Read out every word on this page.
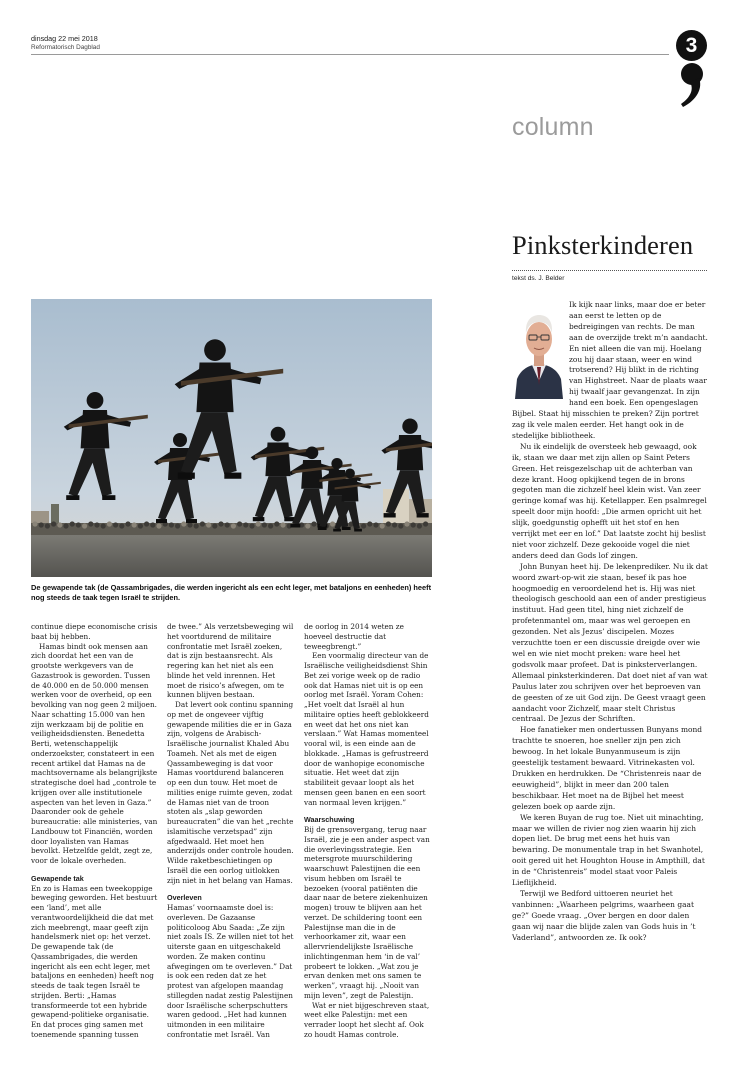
dinsdag 22 mei 2018
Reformatorisch Dagblad	3
column
Pinksterkinderen
tekst ds. J. Belder
De gewapende tak (de Qassambrigades, die werden ingericht als een echt leger, met bataljons en eenheden) heeft nog steeds de taak tegen Israël te strijden.

continue diepe economische crisis baat bij hebben.

Hamas bindt ook mensen aan zich doordat het een van de grootste werkgevers van de Gazastrook is geworden. Tussen de 40.000 en de 50.000 mensen werken voor de overheid, op een bevolking van nog geen 2 miljoen. Naar schatting 15.000 van hen zijn werkzaam bij de politie en veiligheidsdiensten. Benedetta Berti, wetenschappelijk onderzoekster, constateert in een recent artikel dat Hamas na de machtsovername als belangrijkste strategische doel had „controle te krijgen over alle institutionele aspecten van het leven in Gaza.” Daaronder ook de gehele bureaucratie: alle ministeries, van Landbouw tot Financiën, worden door loyalisten van Hamas bevolkt. Hetzelfde geldt, zegt ze, voor de lokale overheden.

Gewapende tak

En zo is Hamas een tweekoppige beweging geworden. Het bestuurt een ‘land’, met alle verantwoordelijkheid die dat met zich meebrengt, maar geeft zijn handelsmerk niet op: het verzet. De gewapende tak (de Qassambrigades, die werden ingericht als een echt leger, met bataljons en eenheden) heeft nog steeds de taak tegen Israël te strijden. Berti: „Hamas transformeerde tot een hybride gewapend-politieke organisatie. En dat proces ging samen met toenemende spanning tussen

de twee.” Als verzetsbeweging wil het voortdurend de militaire confrontatie met Israël zoeken, dat is zijn bestaansrecht. Als regering kan het niet als een blinde het veld inrennen. Het moet de risico’s afwegen, om te kunnen blijven bestaan.

Dat levert ook continu spanning op met de ongeveer vijftig gewapende milities die er in Gaza zijn, volgens de Arabisch-Israëlische journalist Khaled Abu Toameh. Net als met de eigen Qassambeweging is dat voor Hamas voortdurend balanceren op een dun touw. Het moet de milities enige ruimte geven, zodat de Hamas niet van de troon stoten als „slap geworden bureaucraten” die van het „rechte islamitische verzetspad” zijn afgedwaald. Het moet hen anderzijds onder controle houden. Wilde raketbeschietingen op Israël die een oorlog uitlokken zijn niet in het belang van Hamas.

Overleven

Hamas’ voornaamste doel is: overleven. De Gazaanse politicoloog Abu Saada: „Ze zijn niet zoals IS. Ze willen niet tot het uiterste gaan en uitgeschakeld worden. Ze maken continu afwegingen om te overleven.” Dat is ook een reden dat ze het protest van afgelopen maandag stillegden nadat zestig Palestijnen door Israëlische scherpschutters waren gedood. „Het had kunnen uitmonden in een militaire confrontatie met Israël. Van

de oorlog in 2014 weten ze hoeveel destructie dat teweegbrengt.”

Een voormalig directeur van de Israëlische veiligheidsdienst Shin Bet zei vorige week op de radio ook dat Hamas niet uit is op een oorlog met Israël. Yoram Cohen: „Het voelt dat Israël al hun militaire opties heeft geblokkeerd en weet dat het ons niet kan verslaan.” Wat Hamas momenteel vooral wil, is een einde aan de blokkade. „Hamas is gefrustreerd door de wanhopige economische situatie. Het weet dat zijn stabiliteit gevaar loopt als het mensen geen banen en een soort van normaal leven krijgen.”

Waarschuwing

Bij de grensovergang, terug naar Israël, zie je een ander aspect van die overlevingsstrategie. Een metersgrote muurschildering waarschuwt Palestijnen die een visum hebben om Israël te bezoeken (vooral patiënten die daar naar de betere ziekenhuizen mogen) trouw te blijven aan het verzet. De schildering toont een Palestijnse man die in de verhoorkamer zit, waar een allervriendelijkste Israëlische inlichtingenman hem ‘in de val’ probeert te lokken. „Wat zou je ervan denken met ons samen te werken”, vraagt hij. „Nooit van mijn leven”, zegt de Palestijn.

Wat er niet bijgeschreven staat, weet elke Palestijn: met een verrader loopt het slecht af. Ook zo houdt Hamas controle.

Ik kijk naar links, maar doe er beter aan eerst te letten op de bedreigingen van rechts. De man aan de overzijde trekt m’n aandacht. En niet alleen die van mij. Hoelang zou hij daar staan, weer en wind trotserend? Hij blikt in de richting van Highstreet. Naar de plaats waar hij twaalf jaar gevangenzat. In zijn hand een boek. Een opengeslagen Bijbel. Staat hij misschien te preken? Zijn portret zag ik vele malen eerder. Het hangt ook in de stedelijke bibliotheek.

Nu ik eindelijk de oversteek heb gewaagd, ook ik, staan we daar met zijn allen op Saint Peters Green. Het reisgezelschap uit de achterban van deze krant. Hoog opkijkend tegen de in brons gegoten man die zichzelf heel klein wist. Van zeer geringe komaf was hij. Ketellapper. Een psalmregel speelt door mijn hoofd: „Die armen opricht uit het slijk, goedgunstig ophefft uit het stof en hen verrijkt met eer en lof.” Dat laatste zocht hij beslist niet voor zichzelf. Deze gekooide vogel die niet anders deed dan Gods lof zingen.

John Bunyan heet hij. De lekenprediker. Nu ik dat woord zwart-op-wit zie staan, besef ik pas hoe hoogmoedig en veroordelend het is. Hij was niet theologisch geschoold aan een of ander prestigieus instituut. Had geen titel, hing niet zichzelf de profetenmantel om, maar was wel geroepen en gezonden. Net als Jezus’ discipelen. Mozes verzuchtte toen er een discussie dreigde over wie wel en wie niet mocht preken: ware heel het godsvolk maar profeet. Dat is pinksterverlangen. Allemaal pinksterkinderen. Dat doet niet af van wat Paulus later zou schrijven over het beproeven van de geesten of ze uit God zijn. De Geest vraagt geen aandacht voor Zichzelf, maar stelt Christus centraal. De Jezus der Schriften.

Hoe fanatieker men ondertussen Bunyans mond trachtte te snoeren, hoe sneller zijn pen zich bewoog. In het lokale Bunyanmuseum is zijn geestelijk testament bewaard. Vitrinekasten vol. Drukken en herdrukken. De “Christenreis naar de eeuwigheid”, blijkt in meer dan 200 talen beschikbaar. Het moet na de Bijbel het meest gelezen boek op aarde zijn.

We keren Buyan de rug toe. Niet uit minachting, maar we willen de rivier nog zien waarin hij zich dopen liet. De brug met eens het huis van bewaring. De monumentale trap in het Swanhotel, ooit gered uit het Houghton House in Ampthill, dat in de “Christenreis” model staat voor Paleis Lieflijkheid.

Terwijl we Bedford uittoeren neuriet het vanbinnen: „Waarheen pelgrims, waarheen gaat ge?” Goede vraag. „Over bergen en door dalen gaan wij naar die blijde zalen van Gods huis in ’t Vaderland”, antwoorden ze. Ik ook?
